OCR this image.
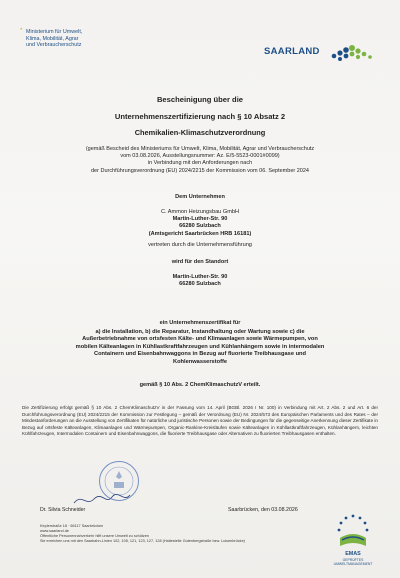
* Ministerium für Umwelt,
Klima, Mobilität, Agrar
und Verbraucherschutz
SAARLAND
Bescheinigung über die
Unternehmenszertifizierung nach § 10 Absatz 2
Chemikalien-Klimaschutzverordnung
(gemäß Bescheid des Ministeriums für Umwelt, Klima, Mobilität, Agrar und Verbraucherschutz
vom 03.08.2026, Ausstellungsnummer: Az. E/5-5523-0001#0099)
in Verbindung mit den Anforderungen nach
der Durchführungsverordnung (EU) 2024/2215 der Kommission vom 06. September 2024
Dem Unternehmen
C. Ammon Heizungsbau GmbH
Martin-Luther-Str. 90
66280 Sulzbach
(Amtsgericht Saarbrücken HRB 16181)
vertreten durch die Unternehmensführung
wird für den Standort
Martin-Luther-Str. 90
66280 Sulzbach
ein Unternehmenszertifikat für
a) die Installation, b) die Reparatur, Instandhaltung oder Wartung sowie c) die
Außerbetriebnahme von ortsfesten Kälte- und Klimaanlagen sowie Wärmepumpen, von
mobilen Kälteanlagen in Kühllastkraftfahrzeugen und Kühlanhängern sowie in intermodalen
Containern und Eisenbahnwaggons in Bezug auf fluorierte Treibhausgase und
Kohlenwasserstoffe
gemäß § 10 Abs. 2 ChemKlimaschutzV erteilt.
Die Zertifizierung erfolgt gemäß § 10 Abs. 2 ChemKlimaschutzV in der Fassung vom 14. April (BGBl. 2026 I Nr. 100) in Verbindung mit Art. 2 Abs. 2 und Art. 6 der Durchführungsverordnung (EU) 2024/2215 der Kommission zur Festlegung – gemäß der Verordnung (EU) Nr. 2024/573 des Europäischen Parlaments und des Rates – der Mindestanforderungen an die Ausstellung von Zertifikaten für natürliche und juristische Personen sowie der Bedingungen für die gegenseitige Anerkennung dieser Zertifikate in Bezug auf ortsfeste Kälteanlagen, Klimaanlagen und Wärmepumpen, Organic-Rankine-Kreisläufen sowie Kälteanlagen in Kühllastkraftfahrzeugen, Kühlanhängern, leichten Kühlfahrzeugen, Intermodalen Containern und Eisenbahnwaggons, die fluorierte Treibhausgase oder Alternativen zu fluorierten Treibhausgasen enthalten.
Dr. Silvia Schneider	Saarbrücken, den 03.08.2026
Keplerstraße 18 · 66117 Saarbrücken
www.saarland.de
Öffentliche Personennahverkehr hilft unsere Umwelt zu schützen
Sie erreichen uns mit den Saarbahn-Linien 102, 105, 121, 123, 127, 128 (Haltestelle Gutenbergstraße bzw. Luisenbrücke)
EMAS
GEPRÜFTES UMWELTMANAGEMENT
